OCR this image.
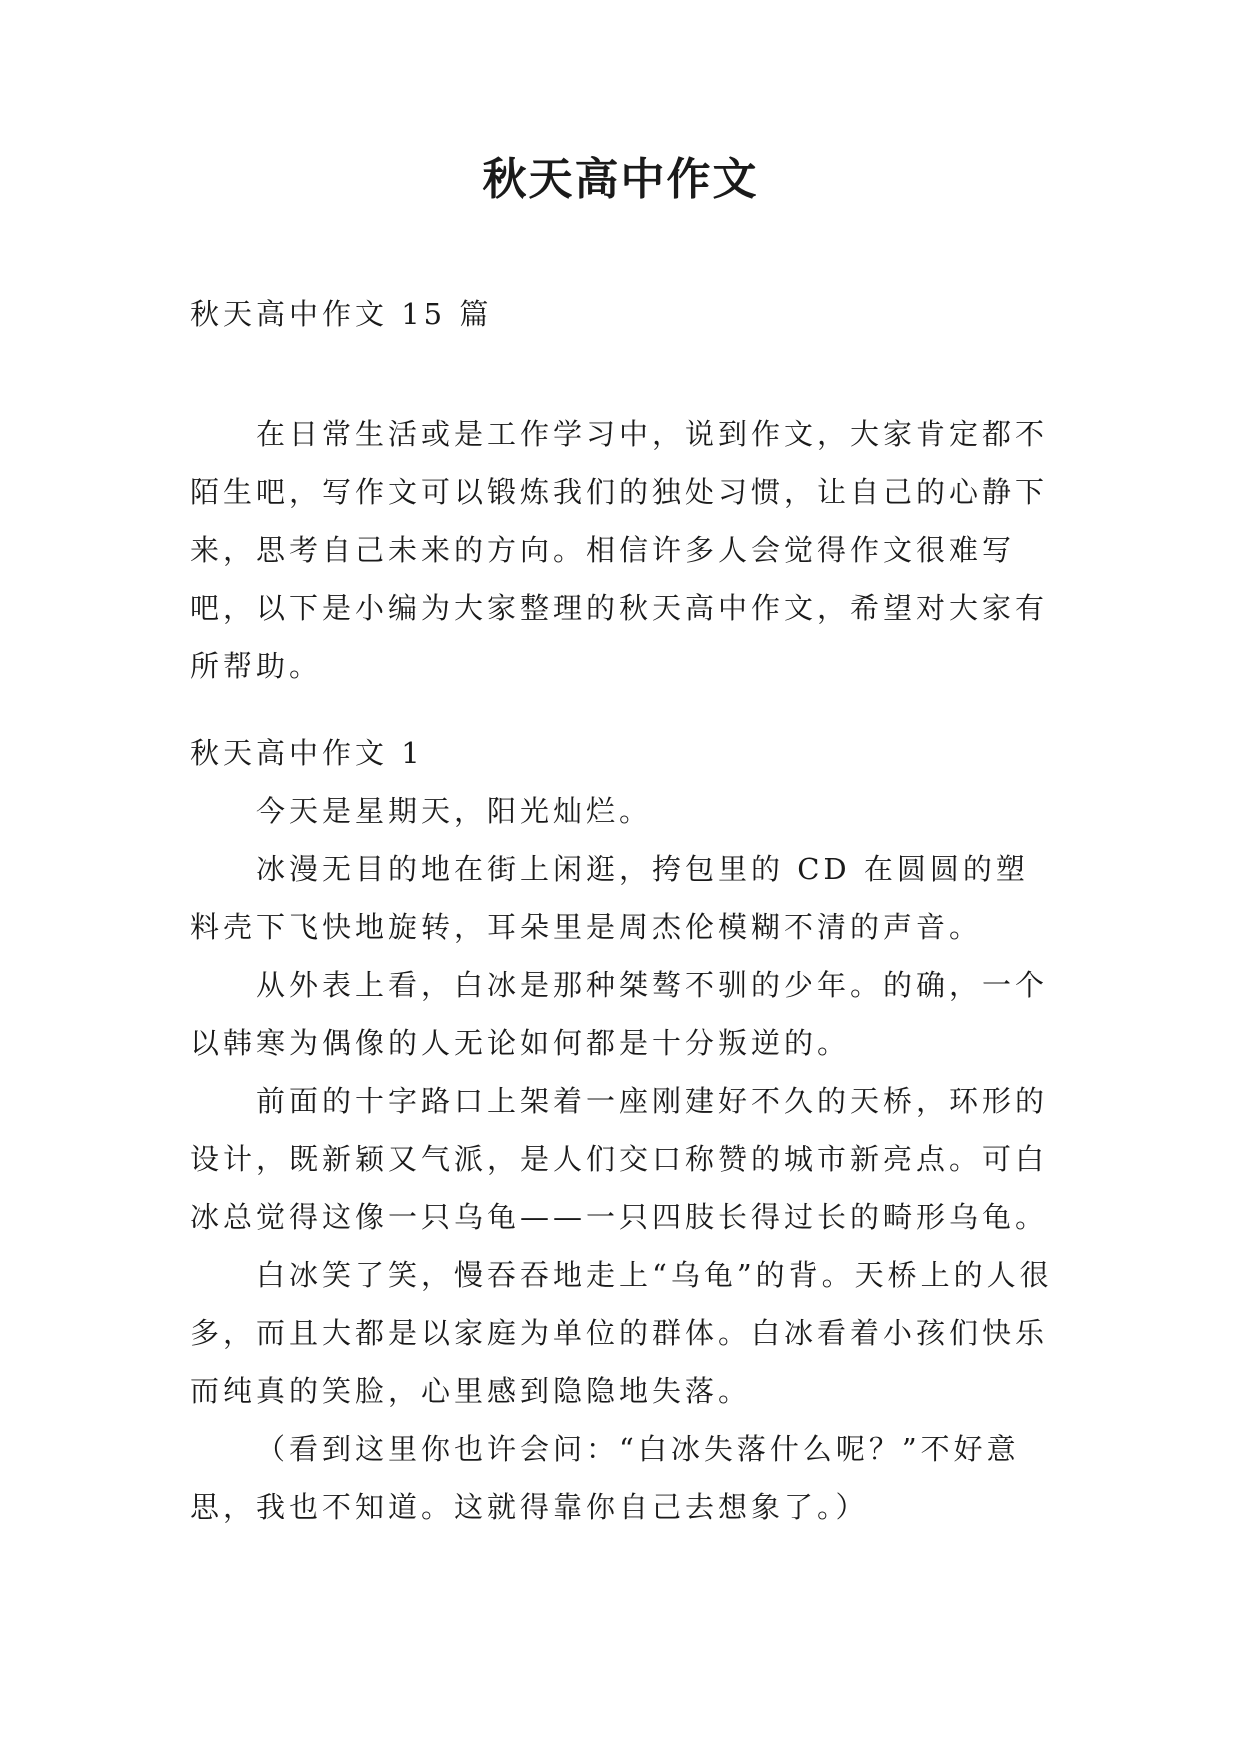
秋天高中作文
秋天高中作文 15 篇

在日常生活或是工作学习中，说到作文，大家肯定都不陌生吧，写作文可以锻炼我们的独处习惯，让自己的心静下来，思考自己未来的方向。相信许多人会觉得作文很难写吧，以下是小编为大家整理的秋天高中作文，希望对大家有所帮助。

秋天高中作文 1

今天是星期天，阳光灿烂。

冰漫无目的地在街上闲逛，挎包里的 CD 在圆圆的塑料壳下飞快地旋转，耳朵里是周杰伦模糊不清的声音。

从外表上看，白冰是那种桀骜不驯的少年。的确，一个以韩寒为偶像的人无论如何都是十分叛逆的。

前面的十字路口上架着一座刚建好不久的天桥，环形的设计，既新颖又气派，是人们交口称赞的城市新亮点。可白冰总觉得这像一只乌龟——一只四肢长得过长的畸形乌龟。

白冰笑了笑，慢吞吞地走上“乌龟”的背。天桥上的人很多，而且大都是以家庭为单位的群体。白冰看着小孩们快乐而纯真的笑脸，心里感到隐隐地失落。

（看到这里你也许会问：“白冰失落什么呢？”不好意思，我也不知道。这就得靠你自己去想象了。）
